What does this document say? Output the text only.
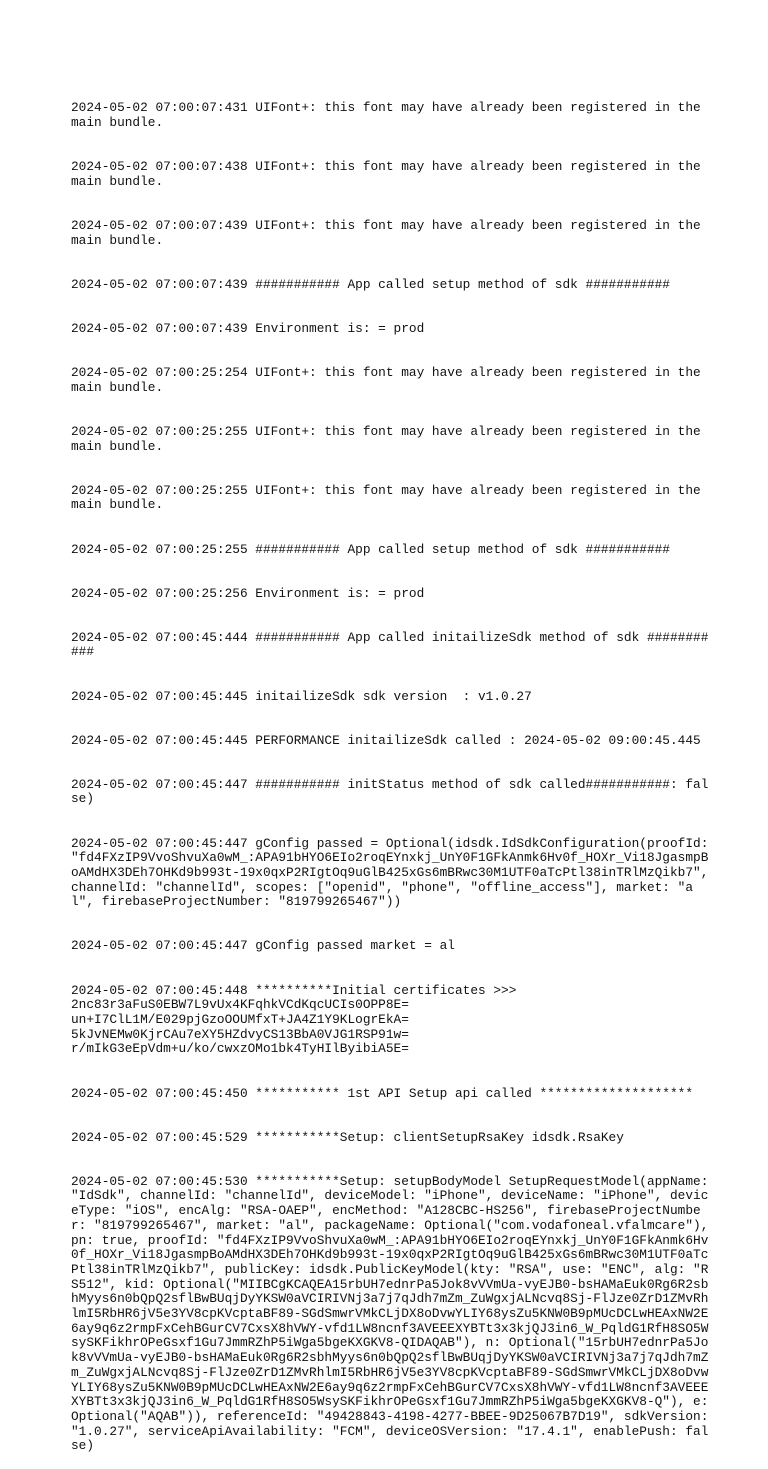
2024-05-02 07:00:07:431 UIFont+: this font may have already been registered in the main bundle.

2024-05-02 07:00:07:438 UIFont+: this font may have already been registered in the main bundle.

2024-05-02 07:00:07:439 UIFont+: this font may have already been registered in the main bundle.

2024-05-02 07:00:07:439 ########### App called setup method of sdk ###########

2024-05-02 07:00:07:439 Environment is: = prod

2024-05-02 07:00:25:254 UIFont+: this font may have already been registered in the main bundle.

2024-05-02 07:00:25:255 UIFont+: this font may have already been registered in the main bundle.

2024-05-02 07:00:25:255 UIFont+: this font may have already been registered in the main bundle.

2024-05-02 07:00:25:255 ########### App called setup method of sdk ###########

2024-05-02 07:00:25:256 Environment is: = prod

2024-05-02 07:00:45:444 ########### App called initailizeSdk method of sdk ###########

2024-05-02 07:00:45:445 initailizeSdk sdk version  : v1.0.27

2024-05-02 07:00:45:445 PERFORMANCE initailizeSdk called : 2024-05-02 09:00:45.445

2024-05-02 07:00:45:447 ########### initStatus method of sdk called###########: false)

2024-05-02 07:00:45:447 gConfig passed = Optional(idsdk.IdSdkConfiguration(proofId: "fd4FXzIP9VvoShvuXa0wM_:APA91bHYO6EIo2roqEYnxkj_UnY0F1GFkAnmk6Hv0f_HOXr_Vi18JgasmpBoAMdHX3DEh7OHKd9b993t-19x0qxP2RIgtOq9uGlB425xGs6mBRwc30M1UTF0aTcPtl38inTRlMzQikb7", channelId: "channelId", scopes: ["openid", "phone", "offline_access"], market: "al", firebaseProjectNumber: "819799265467"))

2024-05-02 07:00:45:447 gConfig passed market = al

2024-05-02 07:00:45:448 **********Initial certificates >>>
2nc83r3aFuS0EBW7L9vUx4KFqhkVCdKqcUCIs0OPP8E=
un+I7ClL1M/E029pjGzoOOUMfxT+JA4Z1Y9KLogrEkA=
5kJvNEMw0KjrCAu7eXY5HZdvyCS13BbA0VJG1RSP91w=
r/mIkG3eEpVdm+u/ko/cwxzOMo1bk4TyHIlByibiA5E=

2024-05-02 07:00:45:450 *********** 1st API Setup api called ********************

2024-05-02 07:00:45:529 ***********Setup: clientSetupRsaKey idsdk.RsaKey

2024-05-02 07:00:45:530 ***********Setup: setupBodyModel SetupRequestModel(appName: "IdSdk", channelId: "channelId", deviceModel: "iPhone", deviceName: "iPhone", deviceType: "iOS", encAlg: "RSA-OAEP", encMethod: "A128CBC-HS256", firebaseProjectNumber: "819799265467", market: "al", packageName: Optional("com.vodafoneal.vfalmcare"), pn: true, proofId: "fd4FXzIP9VvoShvuXa0wM_:APA91bHYO6EIo2roqEYnxkj_UnY0F1GFkAnmk6Hv0f_HOXr_Vi18JgasmpBoAMdHX3DEh7OHKd9b993t-19x0qxP2RIgtOq9uGlB425xGs6mBRwc30M1UTF0aTcPtl38inTRlMzQikb7", publicKey: idsdk.PublicKeyModel(kty: "RSA", use: "ENC", alg: "RS512", kid: Optional("MIIBCgKCAQEA15rbUH7ednrPa5Jok8vVVmUa-vyEJB0-bsHAMaEuk0Rg6R2sbhMyys6n0bQpQ2sflBwBUqjDyYKSW0aVCIRIVNj3a7j7qJdh7mZm_ZuWgxjALNcvq8Sj-FlJze0ZrD1ZMvRhlmI5RbHR6jV5e3YV8cpKVcptaBF89-SGdSmwrVMkCLjDX8oDvwYLIY68ysZu5KNW0B9pMUcDCLwHEAxNW2E6ay9q6z2rmpFxCehBGurCV7CxsX8hVWY-vfd1LW8ncnf3AVEEEXYBTt3x3kjQJ3in6_W_PqldG1RfH8SO5WsySKFikhrOPeGsxf1Gu7JmmRZhP5iWga5bgeKXGKV8-QIDAQAB"), n: Optional("15rbUH7ednrPa5Jok8vVVmUa-vyEJB0-bsHAMaEuk0Rg6R2sbhMyys6n0bQpQ2sflBwBUqjDyYKSW0aVCIRIVNj3a7j7qJdh7mZm_ZuWgxjALNcvq8Sj-FlJze0ZrD1ZMvRhlmI5RbHR6jV5e3YV8cpKVcptaBF89-SGdSmwrVMkCLjDX8oDvwYLIY68ysZu5KNW0B9pMUcDCLwHEAxNW2E6ay9q6z2rmpFxCehBGurCV7CxsX8hVWY-vfd1LW8ncnf3AVEEEXYBTt3x3kjQJ3in6_W_PqldG1RfH8SO5WsySKFikhrOPeGsxf1Gu7JmmRZhP5iWga5bgeKXGKV8-Q"), e: Optional("AQAB")), referenceId: "49428843-4198-4277-BBEE-9D25067B7D19", sdkVersion: "1.0.27", serviceApiAvailability: "FCM", deviceOSVersion: "17.4.1", enablePush: false)
